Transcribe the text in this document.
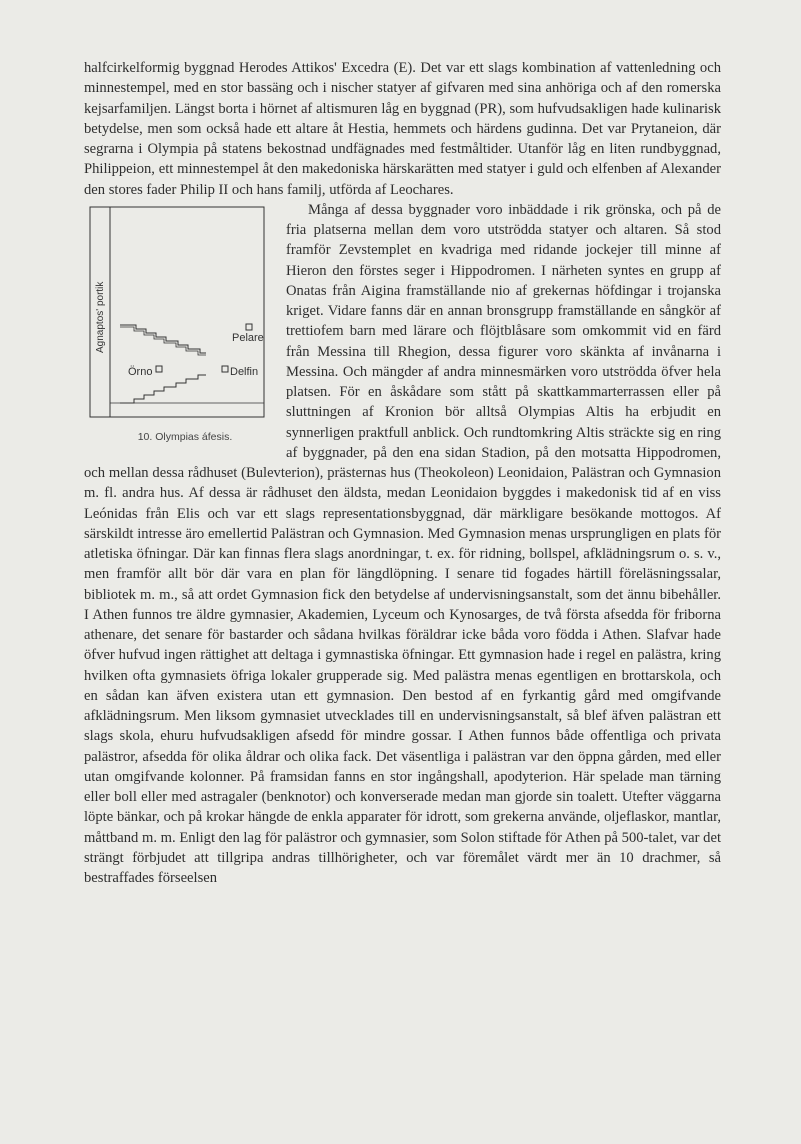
halfcirkelformig byggnad Herodes Attikos' Excedra (E). Det var ett slags kombination af vattenledning och minnestempel, med en stor bassäng och i nischer statyer af gifvaren med sina anhöriga och af den romerska kejsarfamiljen. Längst borta i hörnet af altismuren låg en byggnad (PR), som hufvudsakligen hade kulinarisk betydelse, men som också hade ett altare åt Hestia, hemmets och härdens gudinna. Det var Prytaneion, där segrarna i Olympia på statens bekostnad undfägnades med festmåltider. Utanför låg en liten rundbyggnad, Philippeion, ett minnestempel åt den makedoniska härskarätten med statyer i guld och elfenben af Alexander den stores fader Philip II och hans familj, utförda af Leochares.

Agnaptos' portik	Pelare
Örno	Delfin
10. Olympias áfesis.
Många af dessa byggnader voro inbäddade i rik grönska, och på de fria platserna mellan dem voro utströdda statyer och altaren. Så stod framför Zevstemplet en kvadriga med ridande jockejer till minne af Hieron den förstes seger i Hippodromen. I närheten syntes en grupp af Onatas från Aigina framställande nio af grekernas höfdingar i trojanska kriget. Vidare fanns där en annan bronsgrupp framställande en sångkör af trettiofem barn med lärare och flöjtblåsare som omkommit vid en färd från Messina till Rhegion, dessa figurer voro skänkta af invånarna i Messina. Och mängder af andra minnesmärken voro utströdda öfver hela platsen. För en åskådare som stått på skattkammarterrassen eller på sluttningen af Kronion bör alltså Olympias Altis ha erbjudit en synnerligen praktfull anblick. Och rundtomkring Altis sträckte sig en ring af byggnader, på den ena sidan Stadion, på den motsatta Hippodromen, och mellan dessa rådhuset (Bulevterion), prästernas hus (Theokoleon) Leonidaion, Palästran och Gymnasion m. fl. andra hus. Af dessa är rådhuset den äldsta, medan Leonidaion byggdes i makedonisk tid af en viss Leónidas från Elis och var ett slags representationsbyggnad, där märkligare besökande mottogos. Af särskildt intresse äro emellertid Palästran och Gymnasion. Med Gymnasion menas ursprungligen en plats för atletiska öfningar. Där kan finnas flera slags anordningar, t. ex. för ridning, bollspel, afklädningsrum o. s. v., men framför allt bör där vara en plan för längdlöpning. I senare tid fogades härtill föreläsningssalar, bibliotek m. m., så att ordet Gymnasion fick den betydelse af undervisningsanstalt, som det ännu bibehåller. I Athen funnos tre äldre gymnasier, Akademien, Lyceum och Kynosarges, de två första afsedda för friborna athenare, det senare för bastarder och sådana hvilkas föräldrar icke båda voro födda i Athen. Slafvar hade öfver hufvud ingen rättighet att deltaga i gymnastiska öfningar. Ett gymnasion hade i regel en palästra, kring hvilken ofta gymnasiets öfriga lokaler grupperade sig. Med palästra menas egentligen en brottarskola, och en sådan kan äfven existera utan ett gymnasion. Den bestod af en fyrkantig gård med omgifvande afklädningsrum. Men liksom gymnasiet utvecklades till en undervisningsanstalt, så blef äfven palästran ett slags skola, ehuru hufvudsakligen afsedd för mindre gossar. I Athen funnos både offentliga och privata palästror, afsedda för olika åldrar och olika fack. Det väsentliga i palästran var den öppna gården, med eller utan omgifvande kolonner. På framsidan fanns en stor ingångshall, apodyterion. Här spelade man tärning eller boll eller med astragaler (benknotor) och konverserade medan man gjorde sin toalett. Utefter väggarna löpte bänkar, och på krokar hängde de enkla apparater för idrott, som grekerna använde, oljeflaskor, mantlar, måttband m. m. Enligt den lag för palästror och gymnasier, som Solon stiftade för Athen på 500-talet, var det strängt förbjudet att tillgripa andras tillhörigheter, och var föremålet värdt mer än 10 drachmer, så bestraffades förseelsen
